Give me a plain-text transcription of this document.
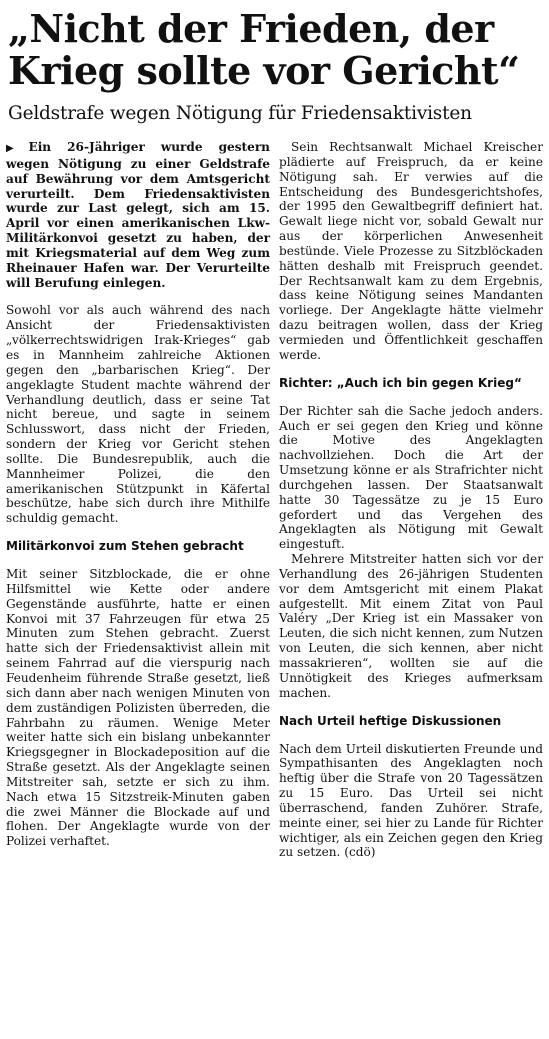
„Nicht der Frieden, der
Krieg sollte vor Gericht“
Geldstrafe wegen Nötigung für Friedensaktivisten

▶ Ein 26-Jähriger wurde gestern wegen Nötigung zu einer Geldstrafe auf Bewährung vor dem Amtsgericht verurteilt. Dem Friedensaktivisten wurde zur Last gelegt, sich am 15. April vor einen amerikanischen Lkw-Militärkonvoi gesetzt zu haben, der mit Kriegsmaterial auf dem Weg zum Rheinauer Hafen war. Der Verurteilte will Berufung einlegen.

Sowohl vor als auch während des nach Ansicht der Friedensaktivisten „völkerrechtswidrigen Irak-Krieges“ gab es in Mannheim zahlreiche Aktionen gegen den „barbarischen Krieg“. Der angeklagte Student machte während der Verhandlung deutlich, dass er seine Tat nicht bereue, und sagte in seinem Schlusswort, dass nicht der Frieden, sondern der Krieg vor Gericht stehen sollte. Die Bundesrepublik, auch die Mannheimer Polizei, die den amerikanischen Stützpunkt in Käfertal beschütze, habe sich durch ihre Mithilfe schuldig gemacht.

Militärkonvoi zum Stehen gebracht

Mit seiner Sitzblockade, die er ohne Hilfsmittel wie Kette oder andere Gegenstände ausführte, hatte er einen Konvoi mit 37 Fahrzeugen für etwa 25 Minuten zum Stehen gebracht. Zuerst hatte sich der Friedensaktivist allein mit seinem Fahrrad auf die vierspurig nach Feudenheim führende Straße gesetzt, ließ sich dann aber nach wenigen Minuten von dem zuständigen Polizisten überreden, die Fahrbahn zu räumen. Wenige Meter weiter hatte sich ein bislang unbekannter Kriegsgegner in Blockadeposition auf die Straße gesetzt. Als der Angeklagte seinen Mitstreiter sah, setzte er sich zu ihm. Nach etwa 15 Sitzstreik-Minuten gaben die zwei Männer die Blockade auf und flohen. Der Angeklagte wurde von der Polizei verhaftet.

Sein Rechtsanwalt Michael Kreischer plädierte auf Freispruch, da er keine Nötigung sah. Er verwies auf die Entscheidung des Bundesgerichtshofes, der 1995 den Gewaltbegriff definiert hat. Gewalt liege nicht vor, sobald Gewalt nur aus der körperlichen Anwesenheit bestünde. Viele Prozesse zu Sitzblöckaden hätten deshalb mit Freispruch geendet. Der Rechtsanwalt kam zu dem Ergebnis, dass keine Nötigung seines Mandanten vorliege. Der Angeklagte hätte vielmehr dazu beitragen wollen, dass der Krieg vermieden und Öffentlichkeit geschaffen werde.

Richter: „Auch ich bin gegen Krieg“

Der Richter sah die Sache jedoch anders. Auch er sei gegen den Krieg und könne die Motive des Angeklagten nachvollziehen. Doch die Art der Umsetzung könne er als Strafrichter nicht durchgehen lassen. Der Staatsanwalt hatte 30 Tagessätze zu je 15 Euro gefordert und das Vergehen des Angeklagten als Nötigung mit Gewalt eingestuft.

Mehrere Mitstreiter hatten sich vor der Verhandlung des 26-jährigen Studenten vor dem Amtsgericht mit einem Plakat aufgestellt. Mit einem Zitat von Paul Valéry „Der Krieg ist ein Massaker von Leuten, die sich nicht kennen, zum Nutzen von Leuten, die sich kennen, aber nicht massakrieren“, wollten sie auf die Unnötigkeit des Krieges aufmerksam machen.

Nach Urteil heftige Diskussionen

Nach dem Urteil diskutierten Freunde und Sympathisanten des Angeklagten noch heftig über die Strafe von 20 Tagessätzen zu 15 Euro. Das Urteil sei nicht überraschend, fanden Zuhörer. Strafe, meinte einer, sei hier zu Lande für Richter wichtiger, als ein Zeichen gegen den Krieg zu setzen. (cdö)
